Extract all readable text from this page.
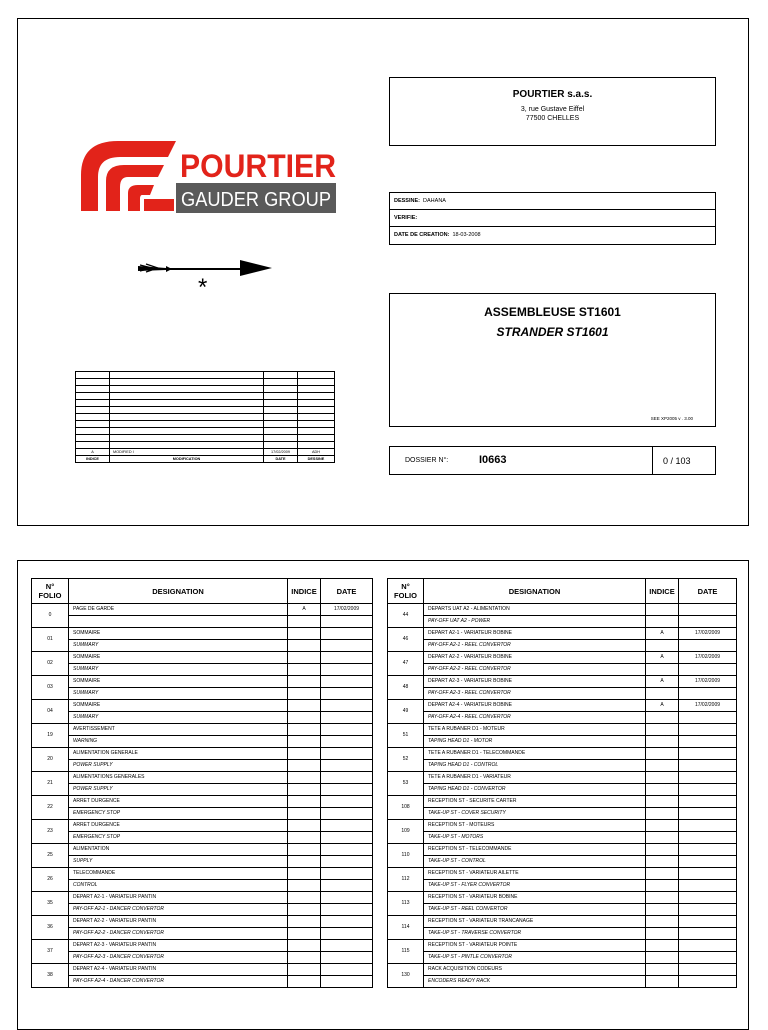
POURTIER
GAUDER GROUP
*

A	MODIFIED I	17/02/2009	ADH
INDICE	MODIFICATION	DATE	DESSINE
POURTIER s.a.s.
3, rue Gustave Eiffel
77500 CHELLES
DESSINE: DAHANA
VERIFIE:
DATE DE CREATION: 18-03-2008
ASSEMBLEUSE ST1601
STRANDER ST1601
SEE XP2005 v . 3.00
DOSSIER N°:	I0663	0 / 103
N° FOLIO	DESIGNATION	INDICE	DATE
0	PAGE DE GARDE	A	17/02/2009

01	SOMMAIRE		
	SUMMARY		
02	SOMMAIRE		
	SUMMARY		
03	SOMMAIRE		
	SUMMARY		
04	SOMMAIRE		
	SUMMARY		
19	AVERTISSEMENT		
	WARNING		
20	ALIMENTATION GENERALE		
	POWER SUPPLY		
21	ALIMENTATIONS GENERALES		
	POWER SUPPLY		
22	ARRET DURGENCE		
	EMERGENCY STOP		
23	ARRET DURGENCE		
	EMERGENCY STOP		
25	ALIMENTATION		
	SUPPLY		
26	TELECOMMANDE		
	CONTROL		
35	DEPART A2-1 - VARIATEUR PANTIN		
	PAY-OFF A2-1 - DANCER CONVERTOR		
36	DEPART A2-2 - VARIATEUR PANTIN		
	PAY-OFF A2-2 - DANCER CONVERTOR		
37	DEPART A2-3 - VARIATEUR PANTIN		
	PAY-OFF A2-3 - DANCER CONVERTOR		
38	DEPART A2-4 - VARIATEUR PANTIN		
	PAY-OFF A2-4 - DANCER CONVERTOR		
N° FOLIO	DESIGNATION	INDICE	DATE
44	DEPARTS UAT A2 - ALIMENTATION		
	PAY-OFF UAT A2 - POWER		
46	DEPART A2-1 - VARIATEUR BOBINE	A	17/02/2009
	PAY-OFF A2-1 - REEL CONVERTOR		
47	DEPART A2-2 - VARIATEUR BOBINE	A	17/02/2009
	PAY-OFF A2-2 - REEL CONVERTOR		
48	DEPART A2-3 - VARIATEUR BOBINE	A	17/02/2009
	PAY-OFF A2-3 - REEL CONVERTOR		
49	DEPART A2-4 - VARIATEUR BOBINE	A	17/02/2009
	PAY-OFF A2-4 - REEL CONVERTOR		
51	TETE A RUBANER D1 - MOTEUR		
	TAPING HEAD D1 - MOTOR		
52	TETE A RUBANER D1 - TELECOMMANDE		
	TAPING HEAD D1 - CONTROL		
53	TETE A RUBANER D1 - VARIATEUR		
	TAPING HEAD D1 - CONVERTOR		
108	RECEPTION ST - SECURITE CARTER		
	TAKE-UP ST - COVER SECURITY		
109	RECEPTION ST - MOTEURS		
	TAKE-UP ST - MOTORS		
110	RECEPTION ST - TELECOMMANDE		
	TAKE-UP ST - CONTROL		
112	RECEPTION ST - VARIATEUR AILETTE		
	TAKE-UP ST - FLYER CONVERTOR		
113	RECEPTION ST - VARIATEUR BOBINE		
	TAKE-UP ST - REEL CONVERTOR		
114	RECEPTION ST - VARIATEUR TRANCANAGE		
	TAKE-UP ST - TRAVERSE CONVERTOR		
115	RECEPTION ST - VARIATEUR POINTE		
	TAKE-UP ST - PINTLE CONVERTOR		
130	RACK ACQUISITION CODEURS		
	ENCODERS READY RACK		
